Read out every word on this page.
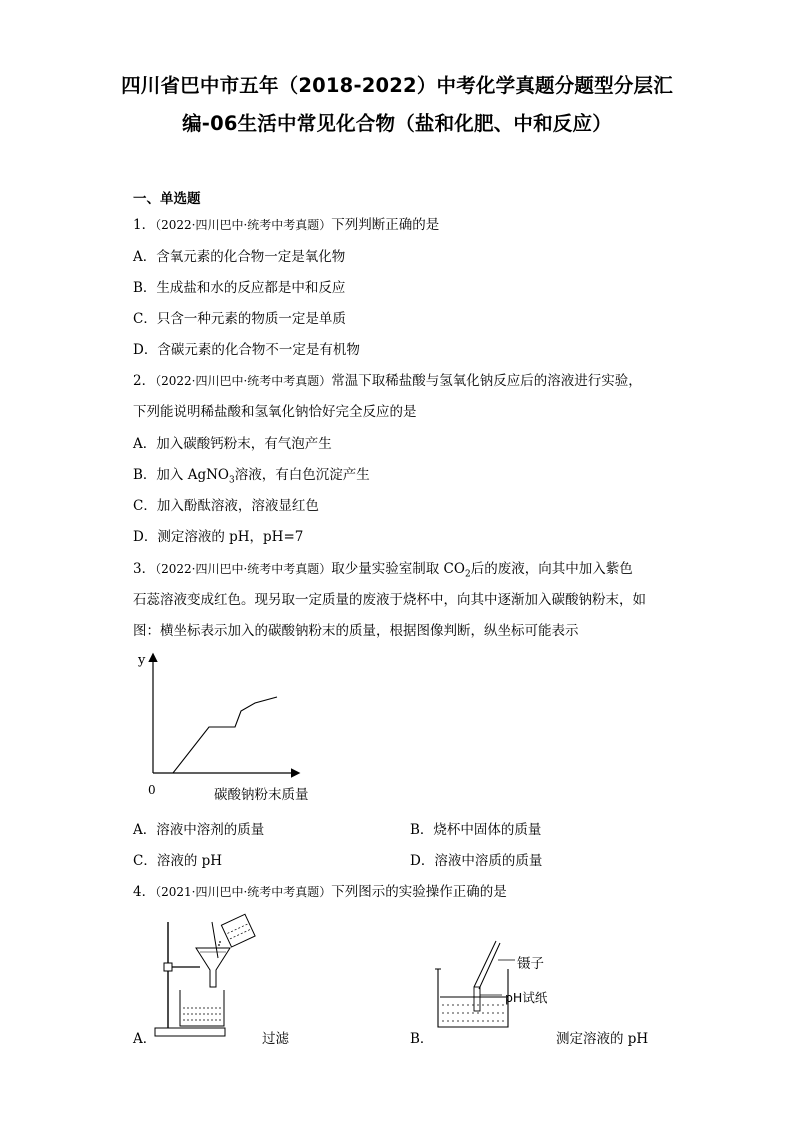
四川省巴中市五年（2018-2022）中考化学真题分题型分层汇
编-06生活中常见化合物（盐和化肥、中和反应）
一、单选题
1．（2022·四川巴中·统考中考真题）下列判断正确的是
A．含氧元素的化合物一定是氧化物
B．生成盐和水的反应都是中和反应
C．只含一种元素的物质一定是单质
D．含碳元素的化合物不一定是有机物
2．（2022·四川巴中·统考中考真题）常温下取稀盐酸与氢氧化钠反应后的溶液进行实验，
下列能说明稀盐酸和氢氧化钠恰好完全反应的是
A．加入碳酸钙粉末，有气泡产生
B．加入 AgNO$_3$溶液，有白色沉淀产生
C．加入酚酞溶液，溶液显红色
D．测定溶液的 pH，pH=7
3．（2022·四川巴中·统考中考真题）取少量实验室制取 $CO_2$后的废液，向其中加入紫色
石蕊溶液变成红色。现另取一定质量的废液于烧杯中，向其中逐渐加入碳酸钠粉末，如
图：横坐标表示加入的碳酸钠粉末的质量，根据图像判断，纵坐标可能表示
y
0	碳酸钠粉末质量
A．溶液中溶剂的质量	B．烧杯中固体的质量
C．溶液的 pH	D．溶液中溶质的质量
4．（2021·四川巴中·统考中考真题）下列图示的实验操作正确的是
A．	过滤
镊子
pH试纸
B．	测定溶液的 pH
